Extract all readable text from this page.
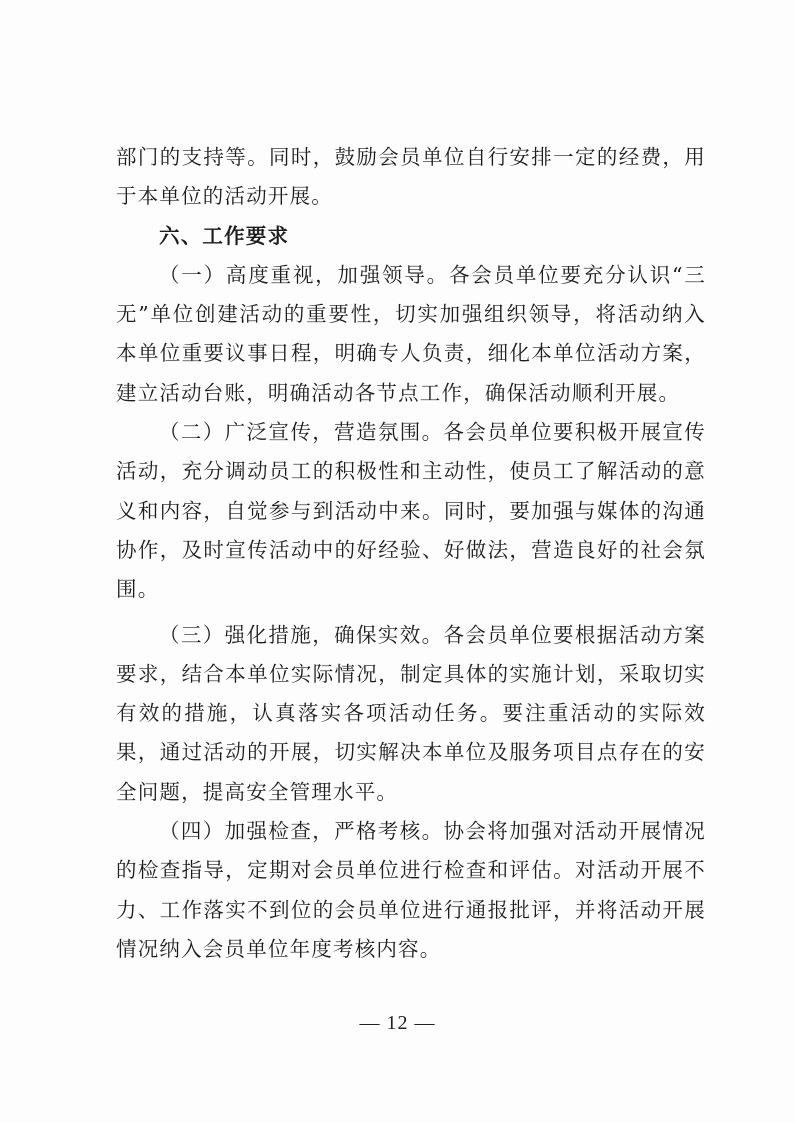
部门的支持等。同时，鼓励会员单位自行安排一定的经费，用于本单位的活动开展。

六、工作要求

（一）高度重视，加强领导。各会员单位要充分认识“三无”单位创建活动的重要性，切实加强组织领导，将活动纳入本单位重要议事日程，明确专人负责，细化本单位活动方案，建立活动台账，明确活动各节点工作，确保活动顺利开展。

（二）广泛宣传，营造氛围。各会员单位要积极开展宣传活动，充分调动员工的积极性和主动性，使员工了解活动的意义和内容，自觉参与到活动中来。同时，要加强与媒体的沟通协作，及时宣传活动中的好经验、好做法，营造良好的社会氛围。

（三）强化措施，确保实效。各会员单位要根据活动方案要求，结合本单位实际情况，制定具体的实施计划，采取切实有效的措施，认真落实各项活动任务。要注重活动的实际效果，通过活动的开展，切实解决本单位及服务项目点存在的安全问题，提高安全管理水平。

（四）加强检查，严格考核。协会将加强对活动开展情况的检查指导，定期对会员单位进行检查和评估。对活动开展不力、工作落实不到位的会员单位进行通报批评，并将活动开展情况纳入会员单位年度考核内容。

— 12 —
